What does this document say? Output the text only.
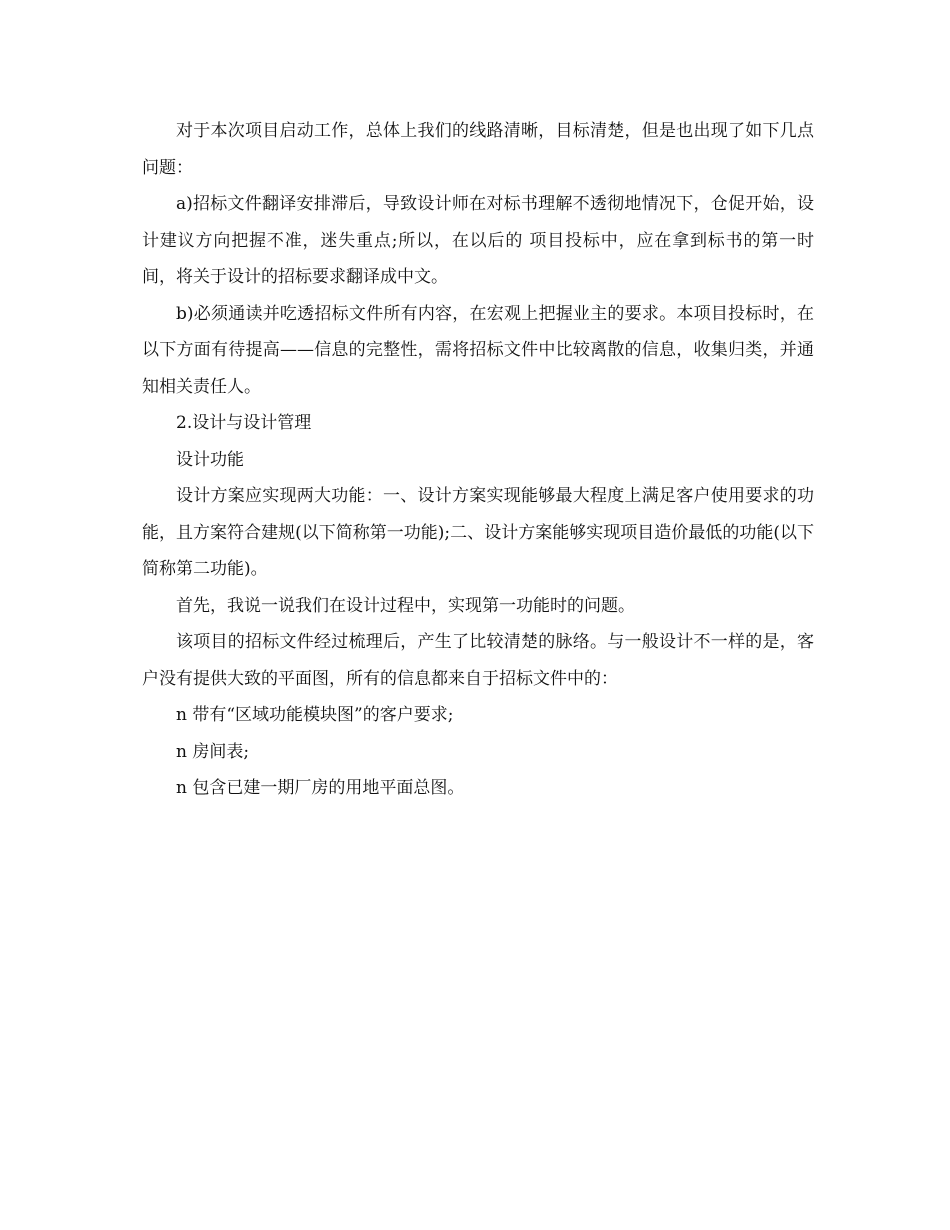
对于本次项目启动工作，总体上我们的线路清晰，目标清楚，但是也出现了如下几点问题：

a)招标文件翻译安排滞后，导致设计师在对标书理解不透彻地情况下，仓促开始，设计建议方向把握不准，迷失重点;所以，在以后的 项目投标中，应在拿到标书的第一时间，将关于设计的招标要求翻译成中文。

b)必须通读并吃透招标文件所有内容，在宏观上把握业主的要求。本项目投标时，在以下方面有待提高——信息的完整性，需将招标文件中比较离散的信息，收集归类，并通知相关责任人。

2.设计与设计管理

设计功能

设计方案应实现两大功能：一、设计方案实现能够最大程度上满足客户使用要求的功能，且方案符合建规(以下简称第一功能);二、设计方案能够实现项目造价最低的功能(以下简称第二功能)。

首先，我说一说我们在设计过程中，实现第一功能时的问题。

该项目的招标文件经过梳理后，产生了比较清楚的脉络。与一般设计不一样的是，客户没有提供大致的平面图，所有的信息都来自于招标文件中的：

n 带有“区域功能模块图”的客户要求;

n 房间表;

n 包含已建一期厂房的用地平面总图。
